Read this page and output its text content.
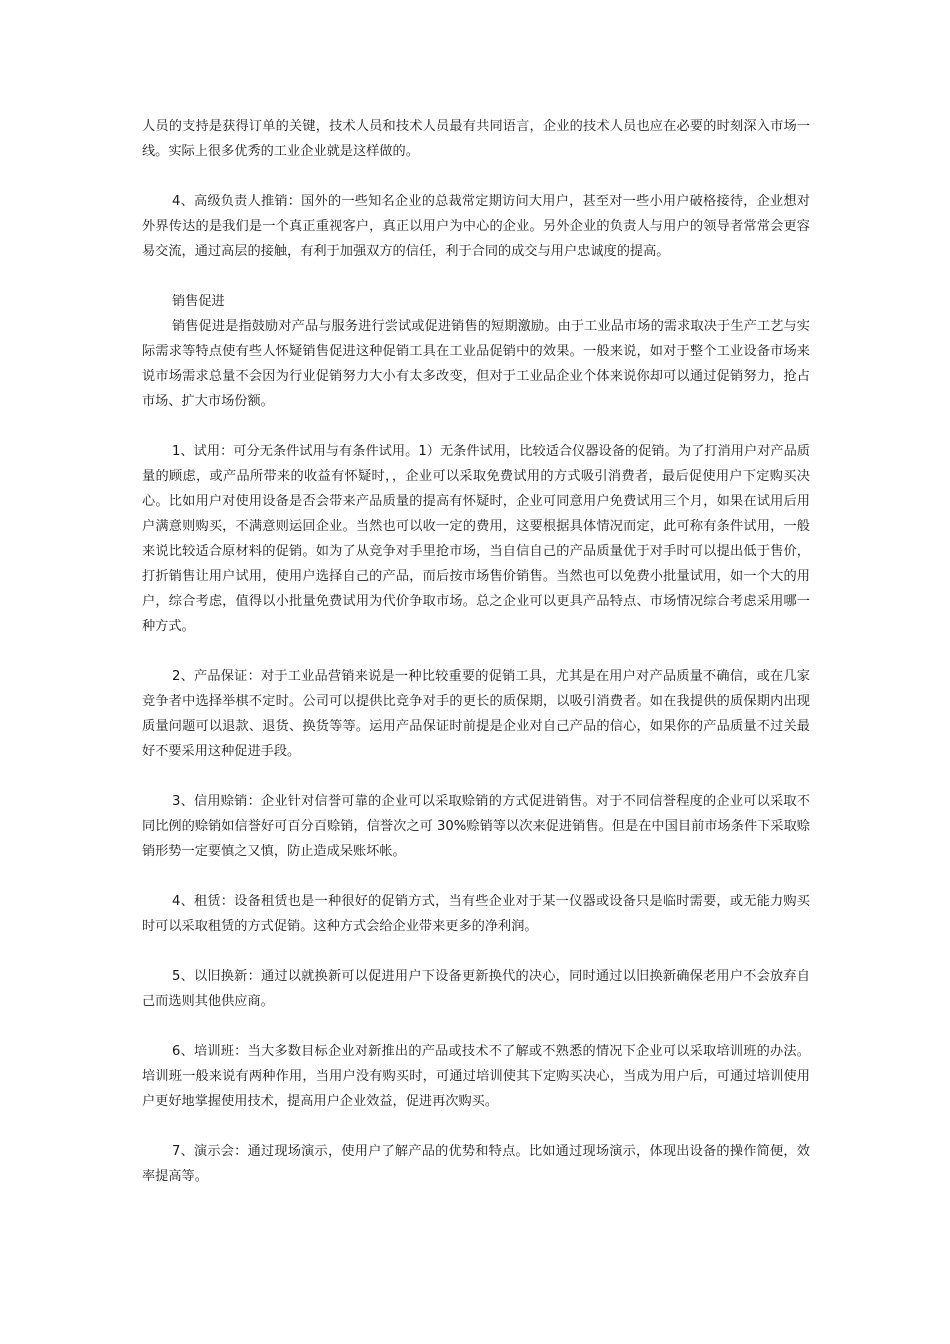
人员的支持是获得订单的关键，技术人员和技术人员最有共同语言，企业的技术人员也应在必要的时刻深入市场一线。实际上很多优秀的工业企业就是这样做的。

4、高级负责人推销：国外的一些知名企业的总裁常定期访问大用户，甚至对一些小用户破格接待，企业想对外界传达的是我们是一个真正重视客户，真正以用户为中心的企业。另外企业的负责人与用户的领导者常常会更容易交流，通过高层的接触，有利于加强双方的信任，利于合同的成交与用户忠诚度的提高。

销售促进

销售促进是指鼓励对产品与服务进行尝试或促进销售的短期激励。由于工业品市场的需求取决于生产工艺与实际需求等特点使有些人怀疑销售促进这种促销工具在工业品促销中的效果。一般来说，如对于整个工业设备市场来说市场需求总量不会因为行业促销努力大小有太多改变，但对于工业品企业个体来说你却可以通过促销努力，抢占市场、扩大市场份额。

1、试用：可分无条件试用与有条件试用。1）无条件试用，比较适合仪器设备的促销。为了打消用户对产品质量的顾虑，或产品所带来的收益有怀疑时，，企业可以采取免费试用的方式吸引消费者，最后促使用户下定购买决心。比如用户对使用设备是否会带来产品质量的提高有怀疑时，企业可同意用户免费试用三个月，如果在试用后用户满意则购买，不满意则运回企业。当然也可以收一定的费用，这要根据具体情况而定，此可称有条件试用，一般来说比较适合原材料的促销。如为了从竞争对手里抢市场，当自信自己的产品质量优于对手时可以提出低于售价，打折销售让用户试用，使用户选择自己的产品，而后按市场售价销售。当然也可以免费小批量试用，如一个大的用户，综合考虑，值得以小批量免费试用为代价争取市场。总之企业可以更具产品特点、市场情况综合考虑采用哪一种方式。

2、产品保证：对于工业品营销来说是一种比较重要的促销工具，尤其是在用户对产品质量不确信，或在几家竞争者中选择举棋不定时。公司可以提供比竞争对手的更长的质保期，以吸引消费者。如在我提供的质保期内出现质量问题可以退款、退货、换货等等。运用产品保证时前提是企业对自己产品的信心，如果你的产品质量不过关最好不要采用这种促进手段。

3、信用赊销：企业针对信誉可靠的企业可以采取赊销的方式促进销售。对于不同信誉程度的企业可以采取不同比例的赊销如信誉好可百分百赊销，信誉次之可 30%赊销等以次来促进销售。但是在中国目前市场条件下采取赊销形势一定要慎之又慎，防止造成呆账坏帐。

4、租赁：设备租赁也是一种很好的促销方式，当有些企业对于某一仪器或设备只是临时需要，或无能力购买时可以采取租赁的方式促销。这种方式会给企业带来更多的净利润。

5、以旧换新：通过以就换新可以促进用户下设备更新换代的决心，同时通过以旧换新确保老用户不会放弃自己而选则其他供应商。

6、培训班：当大多数目标企业对新推出的产品或技术不了解或不熟悉的情况下企业可以采取培训班的办法。培训班一般来说有两种作用，当用户没有购买时，可通过培训使其下定购买决心，当成为用户后，可通过培训使用户更好地掌握使用技术，提高用户企业效益，促进再次购买。

7、演示会：通过现场演示，使用户了解产品的优势和特点。比如通过现场演示，体现出设备的操作简便，效率提高等。
